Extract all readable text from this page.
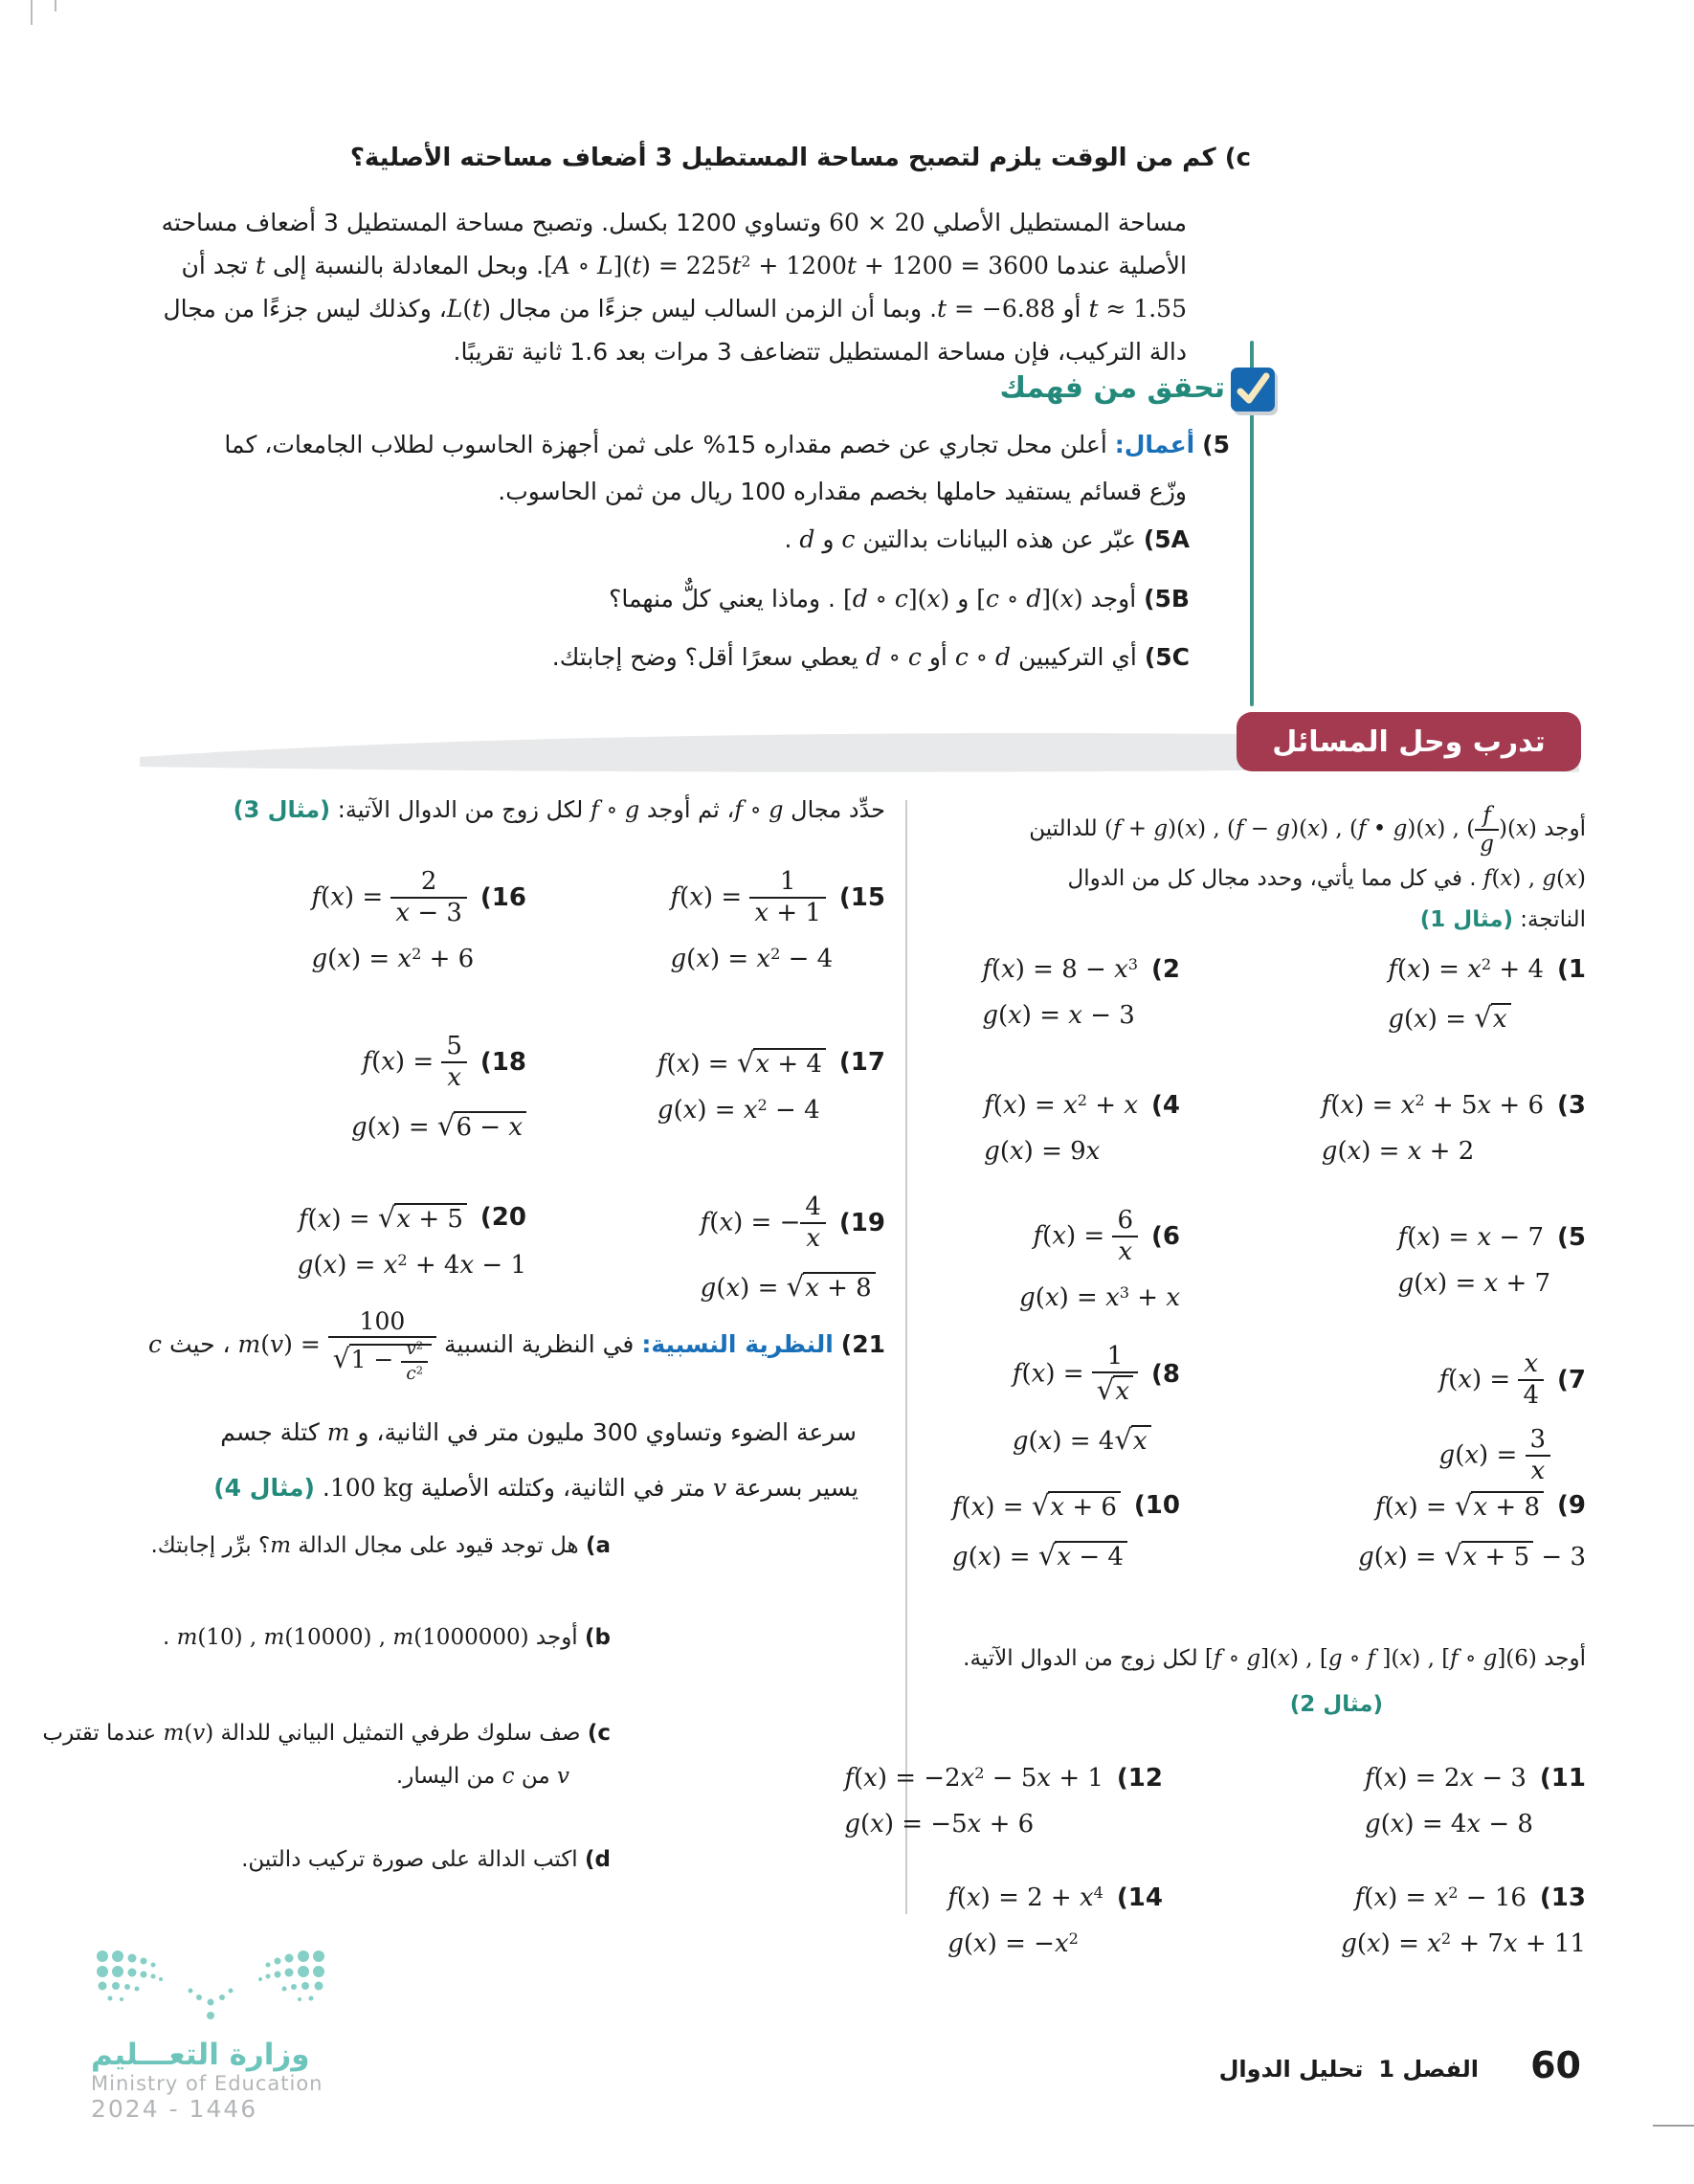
(c كم من الوقت يلزم لتصبح مساحة المستطيل 3 أضعاف مساحته الأصلية؟
مساحة المستطيل الأصلي 60 × 20 وتساوي 1200 بكسل. وتصبح مساحة المستطيل 3 أضعاف مساحته
الأصلية عندما [A ∘ $L](t) = 225t^2 + 1200t + 1200 = 3600$. وبحل المعادلة بالنسبة إلى t تجد أن
t ≈ 1.55 أو t = −6.88. وبما أن الزمن السالب ليس جزءًا من مجال L(t)، وكذلك ليس جزءًا من مجال
دالة التركيب، فإن مساحة المستطيل تتضاعف 3 مرات بعد 1.6 ثانية تقريبًا.
تحقق من فهمك
(5 أعمال: أعلن محل تجاري عن خصم مقداره 15% على ثمن أجهزة الحاسوب لطلاب الجامعات، كما
وزّع قسائم يستفيد حاملها بخصم مقداره 100 ريال من ثمن الحاسوب.
(5A عبّر عن هذه البيانات بدالتين c و d .
(5B أوجد [c ∘ d](x) و [d ∘ c](x) . وماذا يعني كلٌّ منهما؟
(5C أي التركيبين c ∘ d أو d ∘ c يعطي سعرًا أقل؟ وضح إجابتك.
تدرب وحل المسائل
أوجد (f + g)(x) , (f − g)(x) , (f • g)(x) , ( $\frac{f}{g} )(x)$ للدالتين
f(x) , g(x) . في كل مما يأتي، وحدد مجال كل من الدوال
الناتجة: (مثال 1)
$f(x) = x^2 + 4$ (1
g(x) = √x
$f(x) = 8 - x^3$ (2
g(x) = x − 3
$f(x) = x^2 + 5x + 6$ (3
g(x) = x + 2
$f(x) = x^2 + x$ (4
g(x) = 9x
f(x) = x − 7 (5
g(x) = x + 7
$f(x) = \frac{6}{x} (6$
$g(x) = x^3 + x$
$f(x) = \frac{x}{4} (7$
$g(x) = \frac{3}{x}$
$f(x) = \frac{1}{√x} (8$
g(x) = 4√x
f(x) = √x + 8 (9
g(x) = √x + 5 − 3
f(x) = √x + 6 (10
g(x) = √x − 4
أوجد [f ∘ g](x) , [g ∘ f ](x) , [f ∘ g](6) لكل زوج من الدوال الآتية.
(مثال 2)
f(x) = 2x − 3 (11
g(x) = 4x − 8
$f(x) = -2x^2 - 5x + 1$ (12
g(x) = −5x + 6
$f(x) = x^2 - 16$ (13
$g(x) = x^2 + 7x + 11$
$f(x) = 2 + x^4$ (14
$g(x) = -x^2$
حدِّد مجال f ∘ g، ثم أوجد f ∘ g لكل زوج من الدوال الآتية: (مثال 3)
$f(x) = \frac{1}{x + 1} (15$
$g(x) = x^2 - 4$
$f(x) = \frac{2}{x - 3} (16$
$g(x) = x^2 + 6$
f(x) = √x + 4 (17
$g(x) = x^2 - 4$
$f(x) = \frac{5}{x} (18$
g(x) = √6 − x
f(x) = − $\frac{4}{x} (19$
g(x) = √x + 8
f(x) = √x + 5 (20
$g(x) = x^2 + 4x - 1$
(21 النظرية النسبية: في النظرية النسبية $m(v) = \frac{100}{√1 - \frac{v^2}{c^2}}$
، حيث c
سرعة الضوء وتساوي 300 مليون متر في الثانية، و m كتلة جسم
يسير بسرعة v متر في الثانية، وكتلته الأصلية 100 kg. (مثال 4)
(a هل توجد قيود على مجال الدالة m؟ برِّر إجابتك.
(b أوجد m(10) , m(10000) , m(1000000) .
(c صف سلوك طرفي التمثيل البياني للدالة m(v) عندما تقترب
v من c من اليسار.
(d اكتب الدالة على صورة تركيب دالتين.
وزارة التعـــليم
Ministry of Education
2024 - 1446
60
الفصل 1تحليل الدوال
